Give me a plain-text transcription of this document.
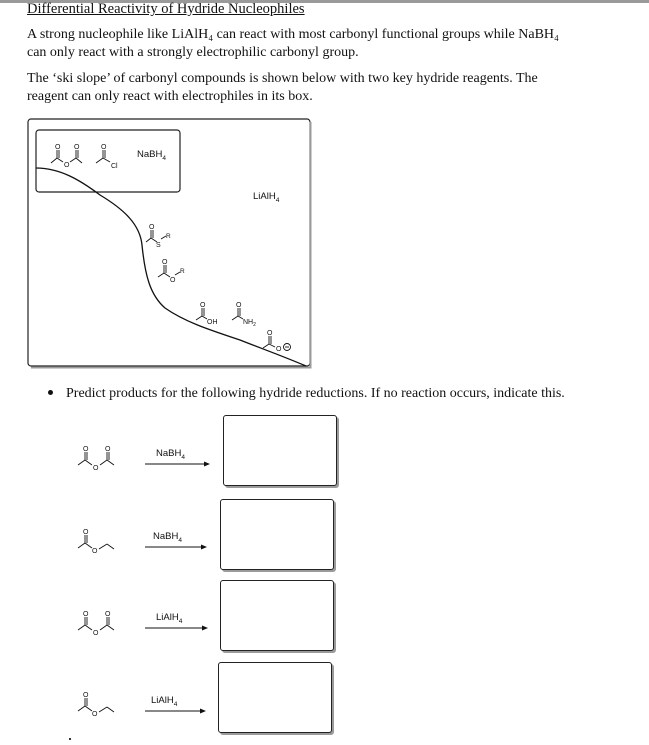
Differential Reactivity of Hydride Nucleophiles
A strong nucleophile like LiAlH₄ can react with most carbonyl functional groups while NaBH₄
can only react with a strongly electrophilic carbonyl group.
The ‘ski slope’ of carbonyl compounds is shown below with two key hydride reagents. The
reagent can only react with electrophiles in its box.
O O
O
O
Cl
NaBH$_4$
LiAlH$_4$
O
S
R
O
O
R
O
OH
O
$NH_2$
O
O
Predict products for the following hydride reductions. If no reaction occurs, indicate this.
O O
O
O
O
O O
O
O
O
NaBH$_4$
NaBH$_4$
LiAlH$_4$
LiAlH$_4$
